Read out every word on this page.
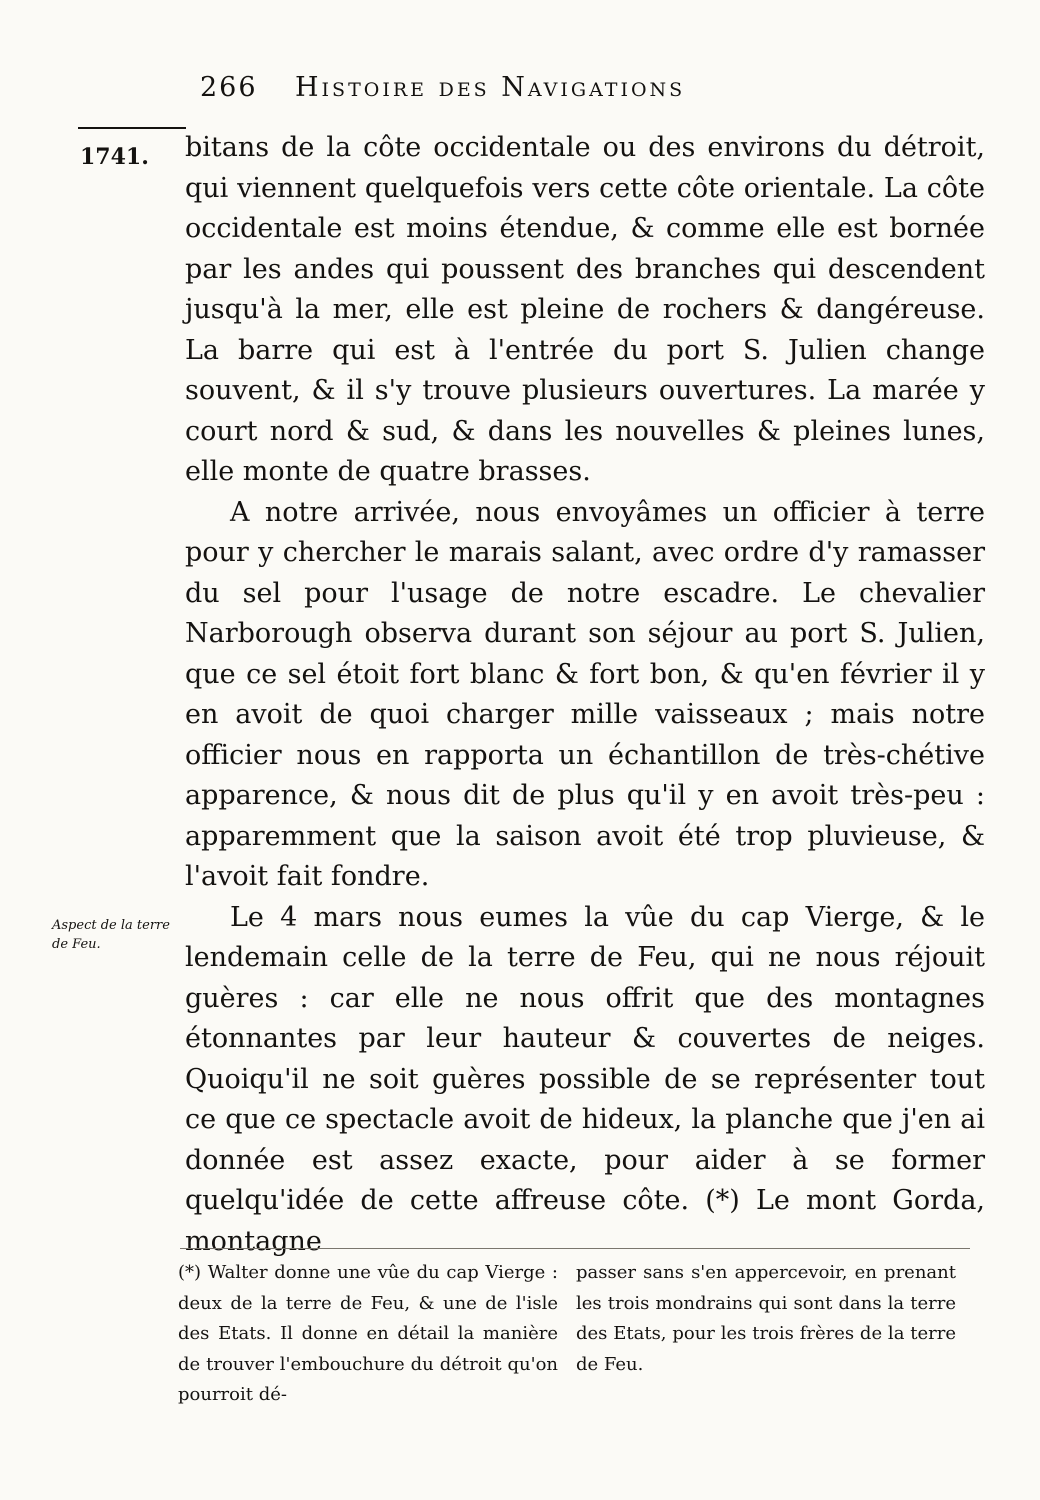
266 Histoire des Navigations
1741.
Aspect de la terre de Feu.

bitans de la côte occidentale ou des environs du détroit, qui viennent quelquefois vers cette côte orientale. La côte occidentale est moins étendue, & comme elle est bornée par les andes qui poussent des branches qui descendent jusqu'à la mer, elle est pleine de rochers & dangéreuse. La barre qui est à l'entrée du port S. Julien change souvent, & il s'y trouve plusieurs ouvertures. La marée y court nord & sud, & dans les nouvelles & pleines lunes, elle monte de quatre brasses.

A notre arrivée, nous envoyâmes un officier à terre pour y chercher le marais salant, avec ordre d'y ramasser du sel pour l'usage de notre escadre. Le chevalier Narborough observa durant son séjour au port S. Julien, que ce sel étoit fort blanc & fort bon, & qu'en février il y en avoit de quoi charger mille vaisseaux ; mais notre officier nous en rapporta un échantillon de très-chétive apparence, & nous dit de plus qu'il y en avoit très-peu : apparemment que la saison avoit été trop pluvieuse, & l'avoit fait fondre.

Le 4 mars nous eumes la vûe du cap Vierge, & le lendemain celle de la terre de Feu, qui ne nous réjouit guères : car elle ne nous offrit que des montagnes étonnantes par leur hauteur & couvertes de neiges. Quoiqu'il ne soit guères possible de se représenter tout ce que ce spectacle avoit de hideux, la planche que j'en ai donnée est assez exacte, pour aider à se former quelqu'idée de cette affreuse côte. (*) Le mont Gorda, montagne

(*) Walter donne une vûe du cap Vierge : deux de la terre de Feu, & une de l'isle des Etats. Il donne en détail la manière de trouver l'embouchure du détroit qu'on pourroit dé-
passer sans s'en appercevoir, en prenant les trois mondrains qui sont dans la terre des Etats, pour les trois frères de la terre de Feu.
